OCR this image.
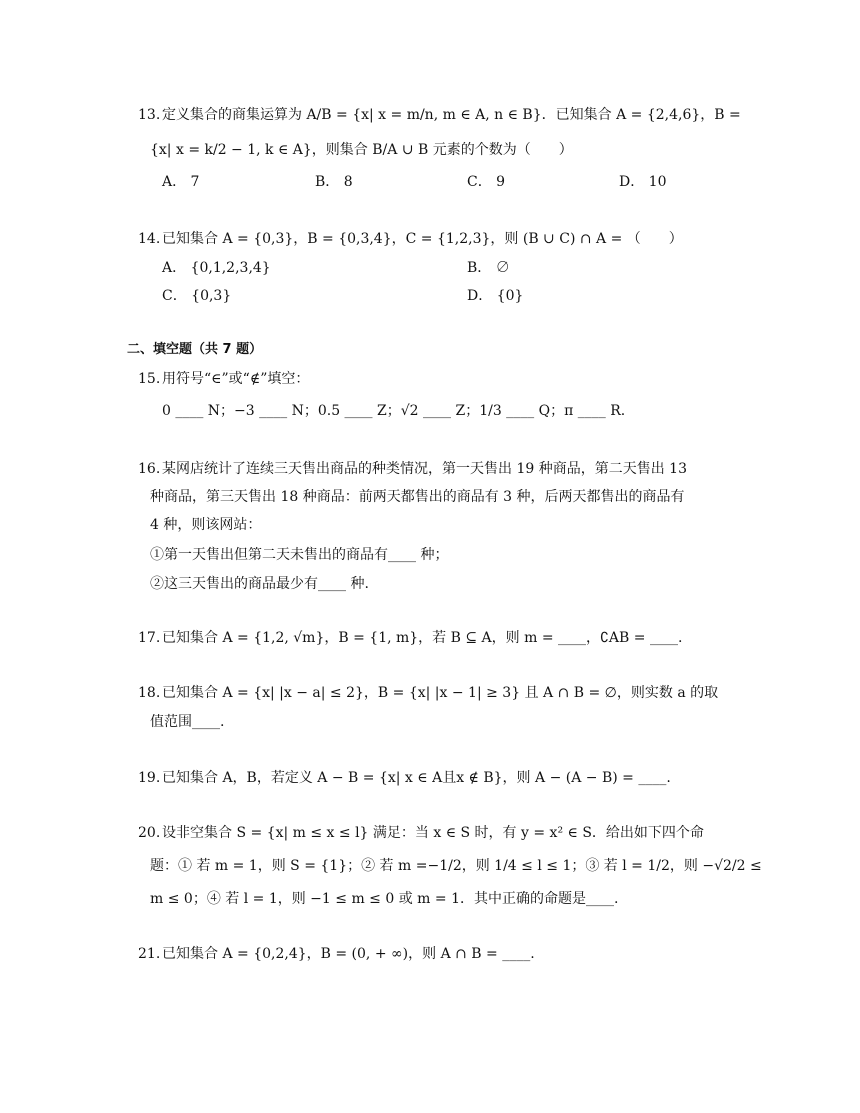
13. 定义集合的商集运算为 A/B = {x| x = m/n, m ∈ A, n ∈ B}．已知集合 A = {2,4,6}，B =
{x| x = k/2 − 1, k ∈ A}，则集合 B/A ∪ B 元素的个数为（　　）
A． 7	B． 8	C． 9	D． 10
14. 已知集合 A = {0,3}，B = {0,3,4}，C = {1,2,3}，则 (B ∪ C) ∩ A = （　　）
A． {0,1,2,3,4}	B． ∅
C． {0,3}	D． {0}
二、填空题（共 7 题）
15. 用符号“∈”或“∉”填空：
0 ____ N；−3 ____ N；0.5 ____ Z；√2 ____ Z；1/3 ____ Q；π ____ R.
16. 某网店统计了连续三天售出商品的种类情况，第一天售出 19 种商品，第二天售出 13
种商品，第三天售出 18 种商品：前两天都售出的商品有 3 种，后两天都售出的商品有
4 种，则该网站：
①第一天售出但第二天未售出的商品有____ 种；
②这三天售出的商品最少有____ 种.
17. 已知集合 A = {1,2, √m}，B = {1, m}，若 B ⊆ A，则 m = ____，∁AB = ____.
18. 已知集合 A = {x| |x − a| ≤ 2}，B = {x| |x − 1| ≥ 3} 且 A ∩ B = ∅，则实数 a 的取
值范围____.
19. 已知集合 A，B，若定义 A − B = {x| x ∈ A且x ∉ B}，则 A − (A − B) = ____.
20. 设非空集合 S = {x| m ≤ x ≤ l} 满足：当 x ∈ S 时，有 y = x² ∈ S．给出如下四个命
题：① 若 m = 1，则 S = {1}；② 若 m =−1/2，则 1/4 ≤ l ≤ 1；③ 若 l = 1/2，则 −√2/2 ≤
m ≤ 0；④ 若 l = 1，则 −1 ≤ m ≤ 0 或 m = 1．其中正确的命题是____.
21. 已知集合 A = {0,2,4}，B = (0, + ∞)，则 A ∩ B = ____.
